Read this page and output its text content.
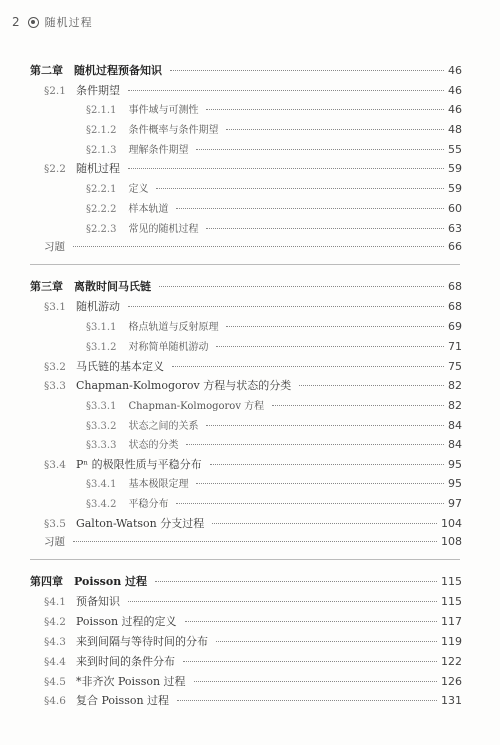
2 随机过程
第二章　随机过程预备知识	46
§2.1 条件期望	46
§2.1.1 事件域与可测性	46
§2.1.2 条件概率与条件期望	48
§2.1.3 理解条件期望	55
§2.2 随机过程	59
§2.2.1 定义	59
§2.2.2 样本轨道	60
§2.2.3 常见的随机过程	63
习题	66
第三章　离散时间马氏链	68
§3.1 随机游动	68
§3.1.1 格点轨道与反射原理	69
§3.1.2 对称简单随机游动	71
§3.2 马氏链的基本定义	75
§3.3 Chapman-Kolmogorov 方程与状态的分类	82
§3.3.1 Chapman-Kolmogorov 方程	82
§3.3.2 状态之间的关系	84
§3.3.3 状态的分类	84
§3.4 Pⁿ 的极限性质与平稳分布	95
§3.4.1 基本极限定理	95
§3.4.2 平稳分布	97
§3.5 Galton-Watson 分支过程	104
习题	108
第四章　Poisson 过程	115
§4.1 预备知识	115
§4.2 Poisson 过程的定义	117
§4.3 来到间隔与等待时间的分布	119
§4.4 来到时间的条件分布	122
§4.5 *非齐次 Poisson 过程	126
§4.6 复合 Poisson 过程	131
